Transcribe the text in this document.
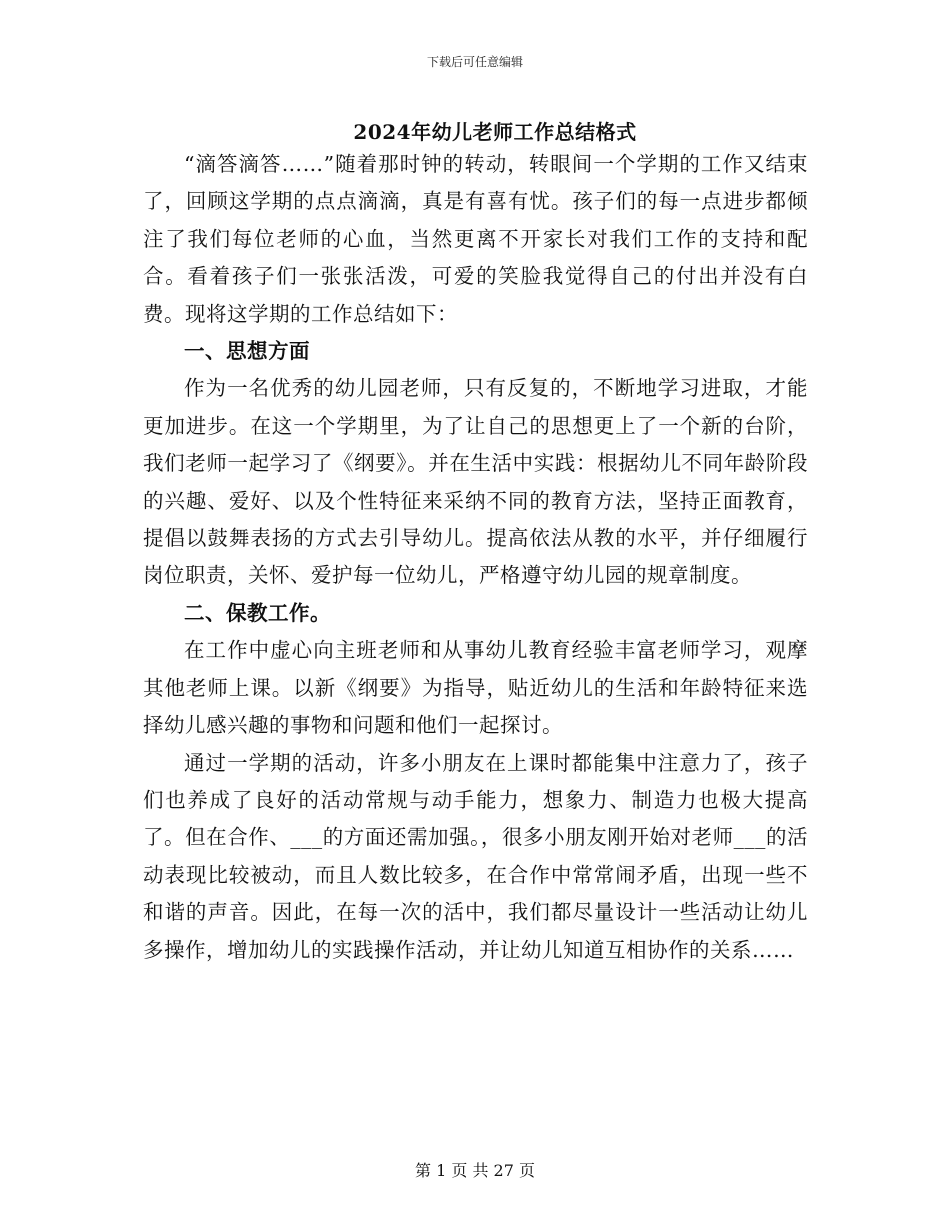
下载后可任意编辑
2024年幼儿老师工作总结格式

“滴答滴答……”随着那时钟的转动，转眼间一个学期的工作又结束了，回顾这学期的点点滴滴，真是有喜有忧。孩子们的每一点进步都倾注了我们每位老师的心血，当然更离不开家长对我们工作的支持和配合。看着孩子们一张张活泼，可爱的笑脸我觉得自己的付出并没有白费。现将这学期的工作总结如下：

一、思想方面

作为一名优秀的幼儿园老师，只有反复的，不断地学习进取，才能更加进步。在这一个学期里，为了让自己的思想更上了一个新的台阶，我们老师一起学习了《纲要》。并在生活中实践：根据幼儿不同年龄阶段的兴趣、爱好、以及个性特征来采纳不同的教育方法，坚持正面教育，提倡以鼓舞表扬的方式去引导幼儿。提高依法从教的水平，并仔细履行岗位职责，关怀、爱护每一位幼儿，严格遵守幼儿园的规章制度。

二、保教工作。

在工作中虚心向主班老师和从事幼儿教育经验丰富老师学习，观摩其他老师上课。以新《纲要》为指导，贴近幼儿的生活和年龄特征来选择幼儿感兴趣的事物和问题和他们一起探讨。

通过一学期的活动，许多小朋友在上课时都能集中注意力了，孩子们也养成了良好的活动常规与动手能力，想象力、制造力也极大提高了。但在合作、___的方面还需加强。，很多小朋友刚开始对老师___的活动表现比较被动，而且人数比较多，在合作中常常闹矛盾，出现一些不和谐的声音。因此，在每一次的活中，我们都尽量设计一些活动让幼儿多操作，增加幼儿的实践操作活动，并让幼儿知道互相协作的关系……

第 1 页 共 27 页
